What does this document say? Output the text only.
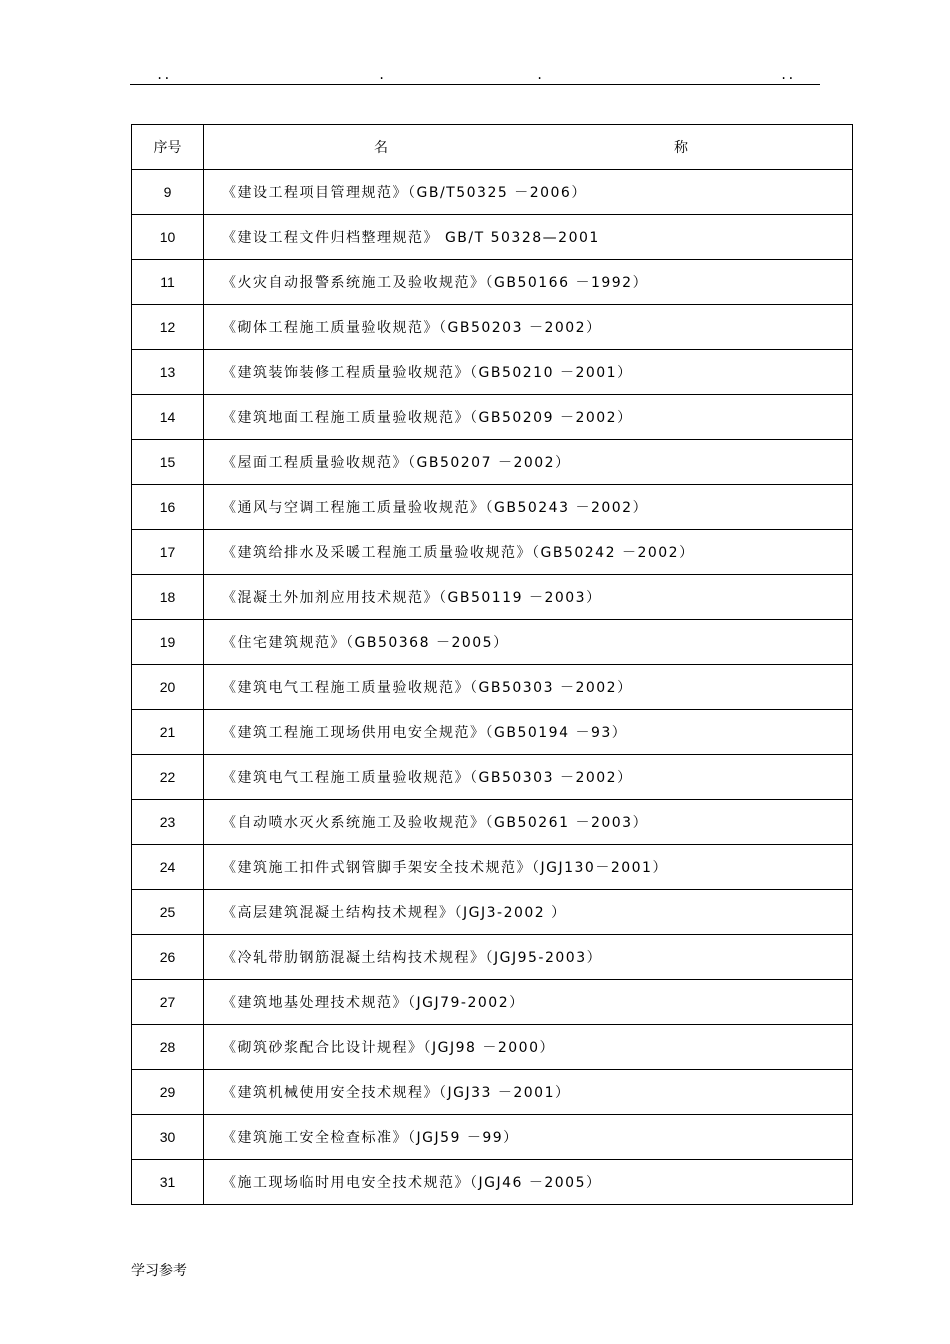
..	.	.	..
序号	名 称

9	《建设工程项目管理规范》（GB/T50325 －2006）
10	《建设工程文件归档整理规范》 GB/T 50328—2001
11	《火灾自动报警系统施工及验收规范》（GB50166 －1992）
12	《砌体工程施工质量验收规范》（GB50203 －2002）
13	《建筑装饰装修工程质量验收规范》（GB50210 －2001）
14	《建筑地面工程施工质量验收规范》（GB50209 －2002）
15	《屋面工程质量验收规范》（GB50207 －2002）
16	《通风与空调工程施工质量验收规范》（GB50243 －2002）
17	《建筑给排水及采暖工程施工质量验收规范》（GB50242 －2002）
18	《混凝土外加剂应用技术规范》（GB50119 －2003）
19	《住宅建筑规范》（GB50368 －2005）
20	《建筑电气工程施工质量验收规范》（GB50303 －2002）
21	《建筑工程施工现场供用电安全规范》（GB50194 －93）
22	《建筑电气工程施工质量验收规范》（GB50303 －2002）
23	《自动喷水灭火系统施工及验收规范》（GB50261 －2003）
24	《建筑施工扣件式钢管脚手架安全技术规范》（JGJ130－2001）
25	《高层建筑混凝土结构技术规程》（JGJ3-2002 ）
26	《冷轧带肋钢筋混凝土结构技术规程》（JGJ95-2003）
27	《建筑地基处理技术规范》（JGJ79-2002）
28	《砌筑砂浆配合比设计规程》（JGJ98 －2000）
29	《建筑机械使用安全技术规程》（JGJ33 －2001）
30	《建筑施工安全检查标准》（JGJ59 －99）
31	《施工现场临时用电安全技术规范》（JGJ46 －2005）
学习参考
